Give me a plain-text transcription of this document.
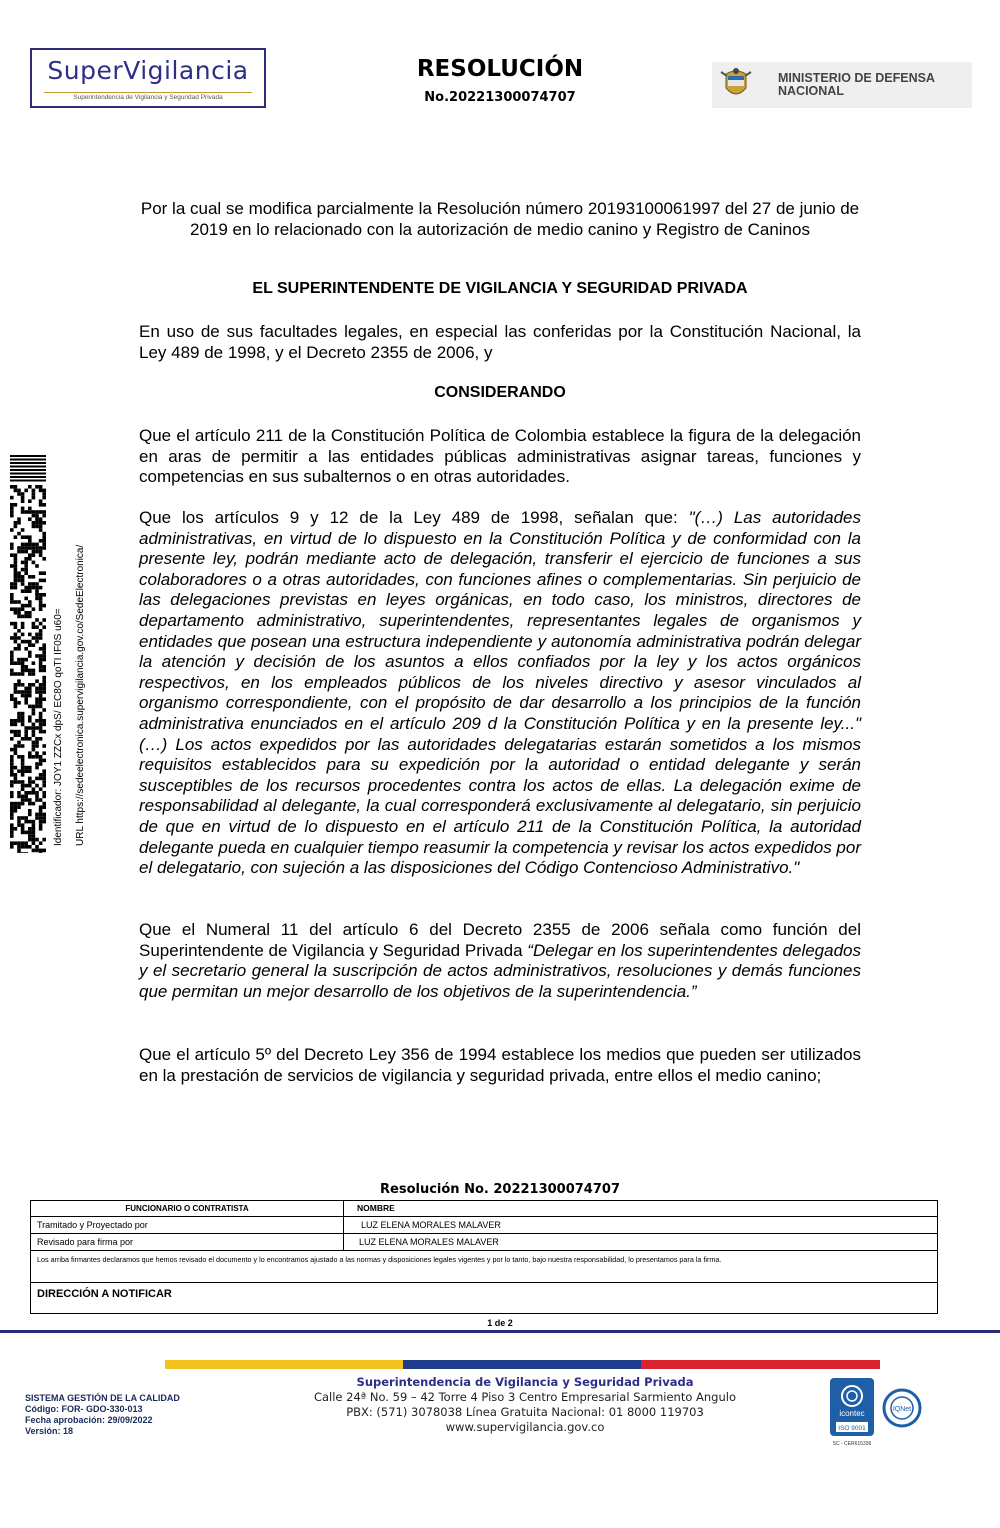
SuperVigilancia
Superintendencia de Vigilancia y Seguridad Privada
RESOLUCIÓN
No.20221300074707
MINISTERIO DE DEFENSA NACIONAL
Por la cual se modifica parcialmente la Resolución número 20193100061997 del 27 de junio de 2019 en lo relacionado con la autorización de medio canino y Registro de Caninos
EL SUPERINTENDENTE DE VIGILANCIA Y SEGURIDAD PRIVADA
En uso de sus facultades legales, en especial las conferidas por la Constitución Nacional, la Ley 489 de 1998, y el Decreto 2355 de 2006, y
CONSIDERANDO
Que el artículo 211 de la Constitución Política de Colombia establece la figura de la delegación en aras de permitir a las entidades públicas administrativas asignar tareas, funciones y competencias en sus subalternos o en otras autoridades.
Que los artículos 9 y 12 de la Ley 489 de 1998, señalan que: "(…) Las autoridades administrativas, en virtud de lo dispuesto en la Constitución Política y de conformidad con la presente ley, podrán mediante acto de delegación, transferir el ejercicio de funciones a sus colaboradores o a otras autoridades, con funciones afines o complementarias. Sin perjuicio de las delegaciones previstas en leyes orgánicas, en todo caso, los ministros, directores de departamento administrativo, superintendentes, representantes legales de organismos y entidades que posean una estructura independiente y autonomía administrativa podrán delegar la atención y decisión de los asuntos a ellos confiados por la ley y los actos orgánicos respectivos, en los empleados públicos de los niveles directivo y asesor vinculados al organismo correspondiente, con el propósito de dar desarrollo a los principios de la función administrativa enunciados en el artículo 209 d la Constitución Política y en la presente ley..." (…) Los actos expedidos por las autoridades delegatarias estarán sometidos a los mismos requisitos establecidos para su expedición por la autoridad o entidad delegante y serán susceptibles de los recursos procedentes contra los actos de ellas. La delegación exime de responsabilidad al delegante, la cual corresponderá exclusivamente al delegatario, sin perjuicio de que en virtud de lo dispuesto en el artículo 211 de la Constitución Política, la autoridad delegante pueda en cualquier tiempo reasumir la competencia y revisar los actos expedidos por el delegatario, con sujeción a las disposiciones del Código Contencioso Administrativo."
Que el Numeral 11 del artículo 6 del Decreto 2355 de 2006 señala como función del Superintendente de Vigilancia y Seguridad Privada “Delegar en los superintendentes delegados y el secretario general la suscripción de actos administrativos, resoluciones y demás funciones que permitan un mejor desarrollo de los objetivos de la superintendencia.”
Que el artículo 5º del Decreto Ley 356 de 1994 establece los medios que pueden ser utilizados en la prestación de servicios de vigilancia y seguridad privada, entre ellos el medio canino;
Identificador: JOY1 ZZCx dpS/ EC8O qoTI IF0S u60= URL https://sedeelectronica.supervigilancia.gov.co/SedeElectronica/
Resolución No. 20221300074707
FUNCIONARIO O CONTRATISTA	NOMBRE
Tramitado y Proyectado por	LUZ ELENA MORALES MALAVER
Revisado para firma por	LUZ ELENA MORALES MALAVER
Los arriba firmantes declaramos que hemos revisado el documento y lo encontramos ajustado a las normas y disposiciones legales vigentes y por lo tanto, bajo nuestra responsabilidad, lo presentamos para la firma.
DIRECCIÓN A NOTIFICAR
1 de 2
SISTEMA GESTIÓN DE LA CALIDAD
Código: FOR- GDO-330-013
Fecha aprobación: 29/09/2022
Versión: 18
Superintendencia de Vigilancia y Seguridad Privada
Calle 24ª No. 59 – 42 Torre 4 Piso 3 Centro Empresarial Sarmiento Angulo
PBX: (571) 3078038 Línea Gratuita Nacional: 01 8000 119703
www.supervigilancia.gov.co
icontec
ISO 9001
IQNet
SC - CER615336
